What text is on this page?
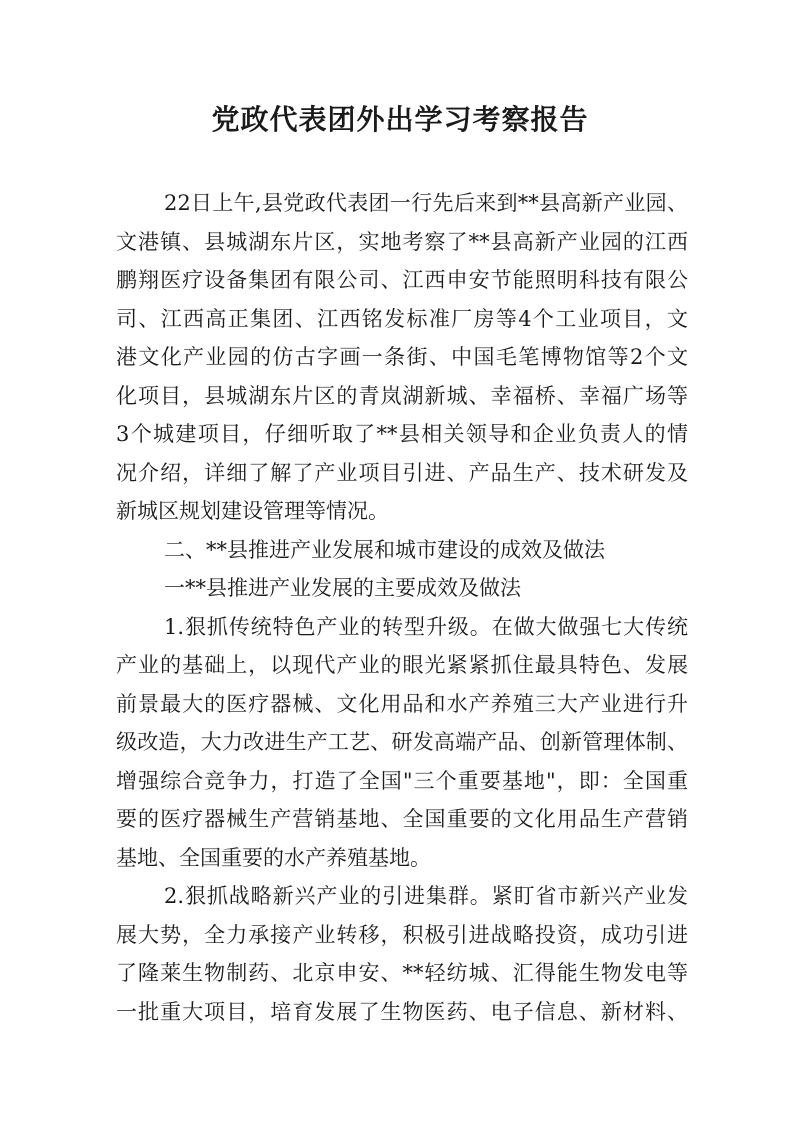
党政代表团外出学习考察报告
22日上午,县党政代表团一行先后来到**县高新产业园、
文港镇、县城湖东片区，实地考察了**县高新产业园的江西
鹏翔医疗设备集团有限公司、江西申安节能照明科技有限公
司、江西高正集团、江西铭发标准厂房等4个工业项目，文
港文化产业园的仿古字画一条街、中国毛笔博物馆等2个文
化项目，县城湖东片区的青岚湖新城、幸福桥、幸福广场等
3个城建项目，仔细听取了**县相关领导和企业负责人的情
况介绍，详细了解了产业项目引进、产品生产、技术研发及
新城区规划建设管理等情况。
二、**县推进产业发展和城市建设的成效及做法
一**县推进产业发展的主要成效及做法
1.狠抓传统特色产业的转型升级。在做大做强七大传统
产业的基础上，以现代产业的眼光紧紧抓住最具特色、发展
前景最大的医疗器械、文化用品和水产养殖三大产业进行升
级改造，大力改进生产工艺、研发高端产品、创新管理体制、
增强综合竞争力，打造了全国"三个重要基地"，即：全国重
要的医疗器械生产营销基地、全国重要的文化用品生产营销
基地、全国重要的水产养殖基地。
2.狠抓战略新兴产业的引进集群。紧盯省市新兴产业发
展大势，全力承接产业转移，积极引进战略投资，成功引进
了隆莱生物制药、北京申安、**轻纺城、汇得能生物发电等
一批重大项目，培育发展了生物医药、电子信息、新材料、
